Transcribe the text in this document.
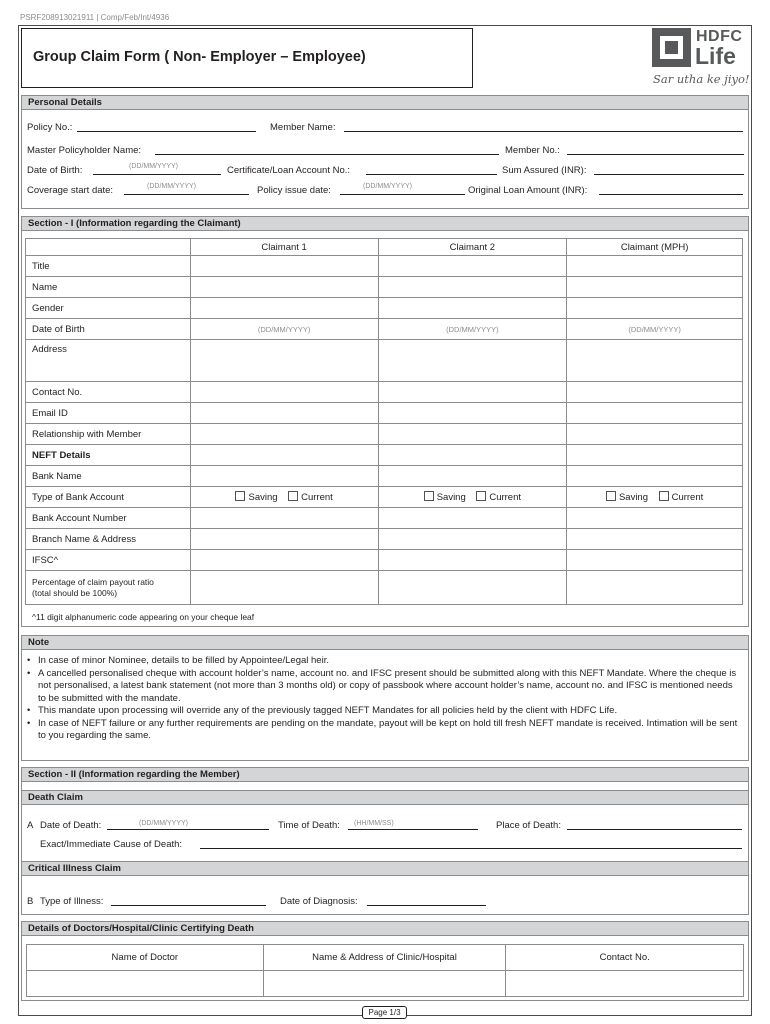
PSRF208913021911 | Comp/Feb/Int/4936
Group Claim Form ( Non- Employer – Employee)
HDFC
Life
Sar utha ke jiyo!
Personal Details
Policy No.:	Member Name:
Master Policyholder Name:	Member No.:
Date of Birth:	(DD/MM/YYYY)	Certificate/Loan Account No.:	Sum Assured (INR):
Coverage start date:	(DD/MM/YYYY)	Policy issue date:	(DD/MM/YYYY)	Original Loan Amount (INR):
Section - I (Information regarding the Claimant)
	Claimant 1	Claimant 2	Claimant (MPH)
Title			
Name			
Gender			
Date of Birth	(DD/MM/YYYY)	(DD/MM/YYYY)	(DD/MM/YYYY)
Address			
Contact No.			
Email ID			
Relationship with Member			
NEFT Details			
Bank Name			
Type of Bank Account	Saving Current	Saving Current	Saving Current
Bank Account Number			
Branch Name & Address			
IFSC^			

Percentage of claim payout ratio
(total should be 100%)			

^11 digit alphanumeric code appearing on your cheque leaf
Note
• In case of minor Nominee, details to be filled by Appointee/Legal heir.
• A cancelled personalised cheque with account holder’s name, account no. and IFSC present should be submitted along with this NEFT Mandate. Where the cheque is not personalised, a latest bank statement (not more than 3 months old) or copy of passbook where account holder’s name, account no. and IFSC is mentioned needs to be submitted with the mandate.
• This mandate upon processing will override any of the previously tagged NEFT Mandates for all policies held by the client with HDFC Life.
• In case of NEFT failure or any further requirements are pending on the mandate, payout will be kept on hold till fresh NEFT mandate is received. Intimation will be sent to you regarding the same.
Section - II (Information regarding the Member)
Death Claim
A Date of Death:	(DD/MM/YYYY)	Time of Death: (HH/MM/SS)	Place of Death:
Exact/Immediate Cause of Death:
Critical Illness Claim
B Type of Illness:	Date of Diagnosis:
Details of Doctors/Hospital/Clinic Certifying Death
Name of Doctor	Name & Address of Clinic/Hospital	Contact No.

Page 1/3
